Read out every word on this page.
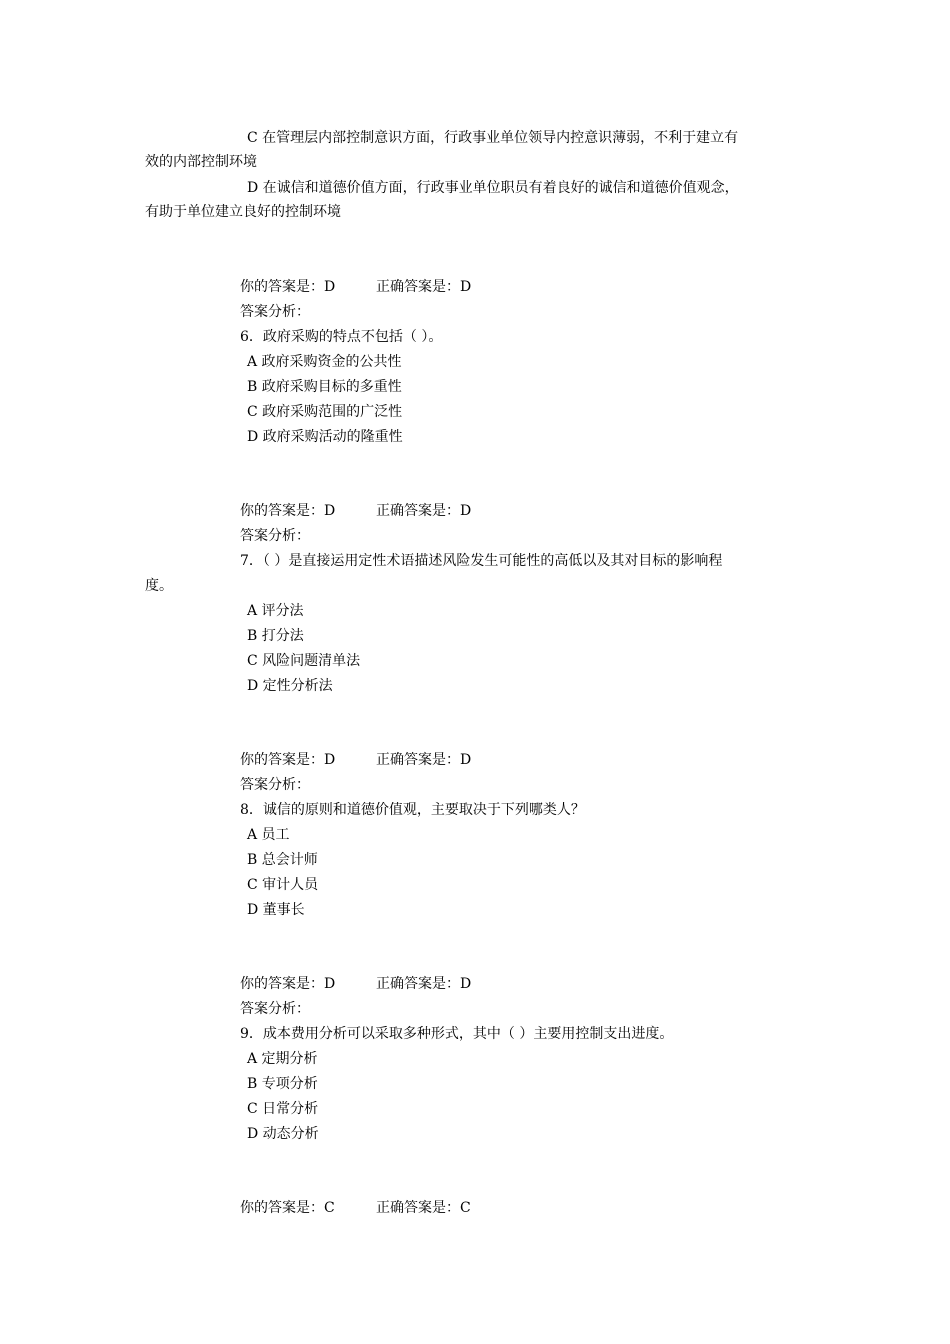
C 在管理层内部控制意识方面，行政事业单位领导内控意识薄弱，不利于建立有
效的内部控制环境
D 在诚信和道德价值方面，行政事业单位职员有着良好的诚信和道德价值观念，
有助于单位建立良好的控制环境
你的答案是：D	正确答案是：D
答案分析：
6．政府采购的特点不包括（ ）。
A 政府采购资金的公共性
B 政府采购目标的多重性
C 政府采购范围的广泛性
D 政府采购活动的隆重性
你的答案是：D	正确答案是：D
答案分析：
7．（ ）是直接运用定性术语描述风险发生可能性的高低以及其对目标的影响程
度。
A 评分法
B 打分法
C 风险问题清单法
D 定性分析法
你的答案是：D	正确答案是：D
答案分析：
8．诚信的原则和道德价值观，主要取决于下列哪类人？
A 员工
B 总会计师
C 审计人员
D 董事长
你的答案是：D	正确答案是：D
答案分析：
9．成本费用分析可以采取多种形式，其中（ ）主要用控制支出进度。
A 定期分析
B 专项分析
C 日常分析
D 动态分析
你的答案是：C	正确答案是：C
